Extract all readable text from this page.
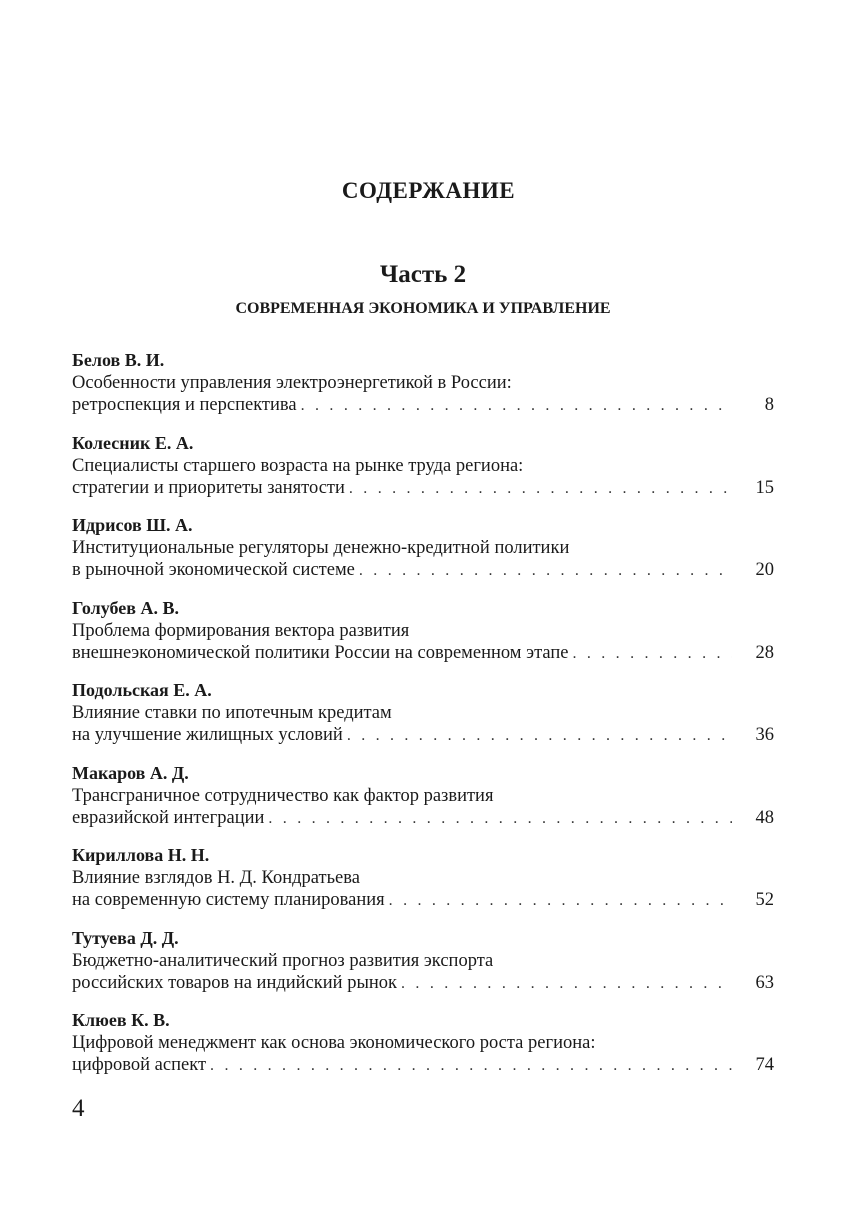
СОДЕРЖАНИЕ
Часть 2
СОВРЕМЕННАЯ ЭКОНОМИКА И УПРАВЛЕНИЕ
Белов В. И.
Особенности управления электроэнергетикой в России:
ретроспекция и перспектива . . .	8
Колесник Е. А.
Специалисты старшего возраста на рынке труда региона:
стратегии и приоритеты занятости . . .	15
Идрисов Ш. А.
Институциональные регуляторы денежно-кредитной политики
в рыночной экономической системе . . .	20
Голубев А. В.
Проблема формирования вектора развития
внешнеэкономической политики России на современном этапе . . .	28
Подольская Е. А.
Влияние ставки по ипотечным кредитам
на улучшение жилищных условий . . .	36
Макаров А. Д.
Трансграничное сотрудничество как фактор развития
евразийской интеграции . . .	48
Кириллова Н. Н.
Влияние взглядов Н. Д. Кондратьева
на современную систему планирования . . .	52
Тутуева Д. Д.
Бюджетно-аналитический прогноз развития экспорта
российских товаров на индийский рынок . . .	63
Клюев К. В.
Цифровой менеджмент как основа экономического роста региона:
цифровой аспект . . .	74
4
